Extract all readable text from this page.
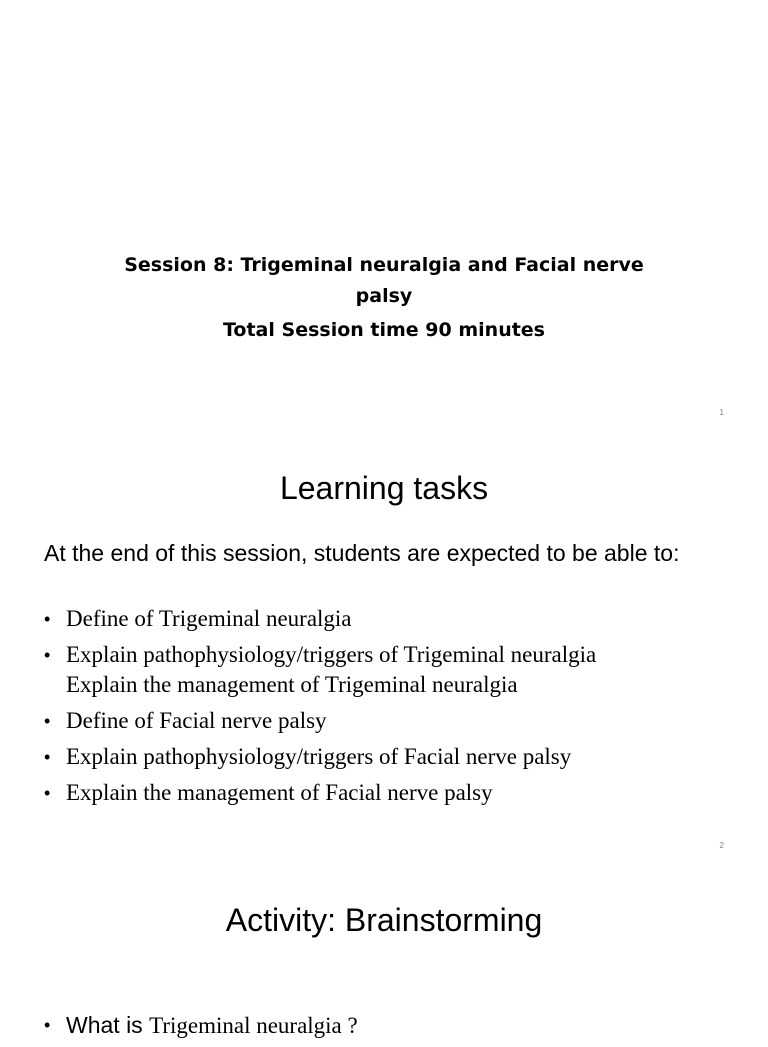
Session 8: Trigeminal neuralgia and Facial nerve
palsy
Total Session time 90 minutes
1
Learning tasks
At the end of this session, students are expected to be able to:
• Define of Trigeminal neuralgia
• Explain pathophysiology/triggers of Trigeminal neuralgia
Explain the management of Trigeminal neuralgia
• Define of Facial nerve palsy
• Explain pathophysiology/triggers of Facial nerve palsy
• Explain the management of Facial nerve palsy
2
Activity: Brainstorming
• What is Trigeminal neuralgia ?
